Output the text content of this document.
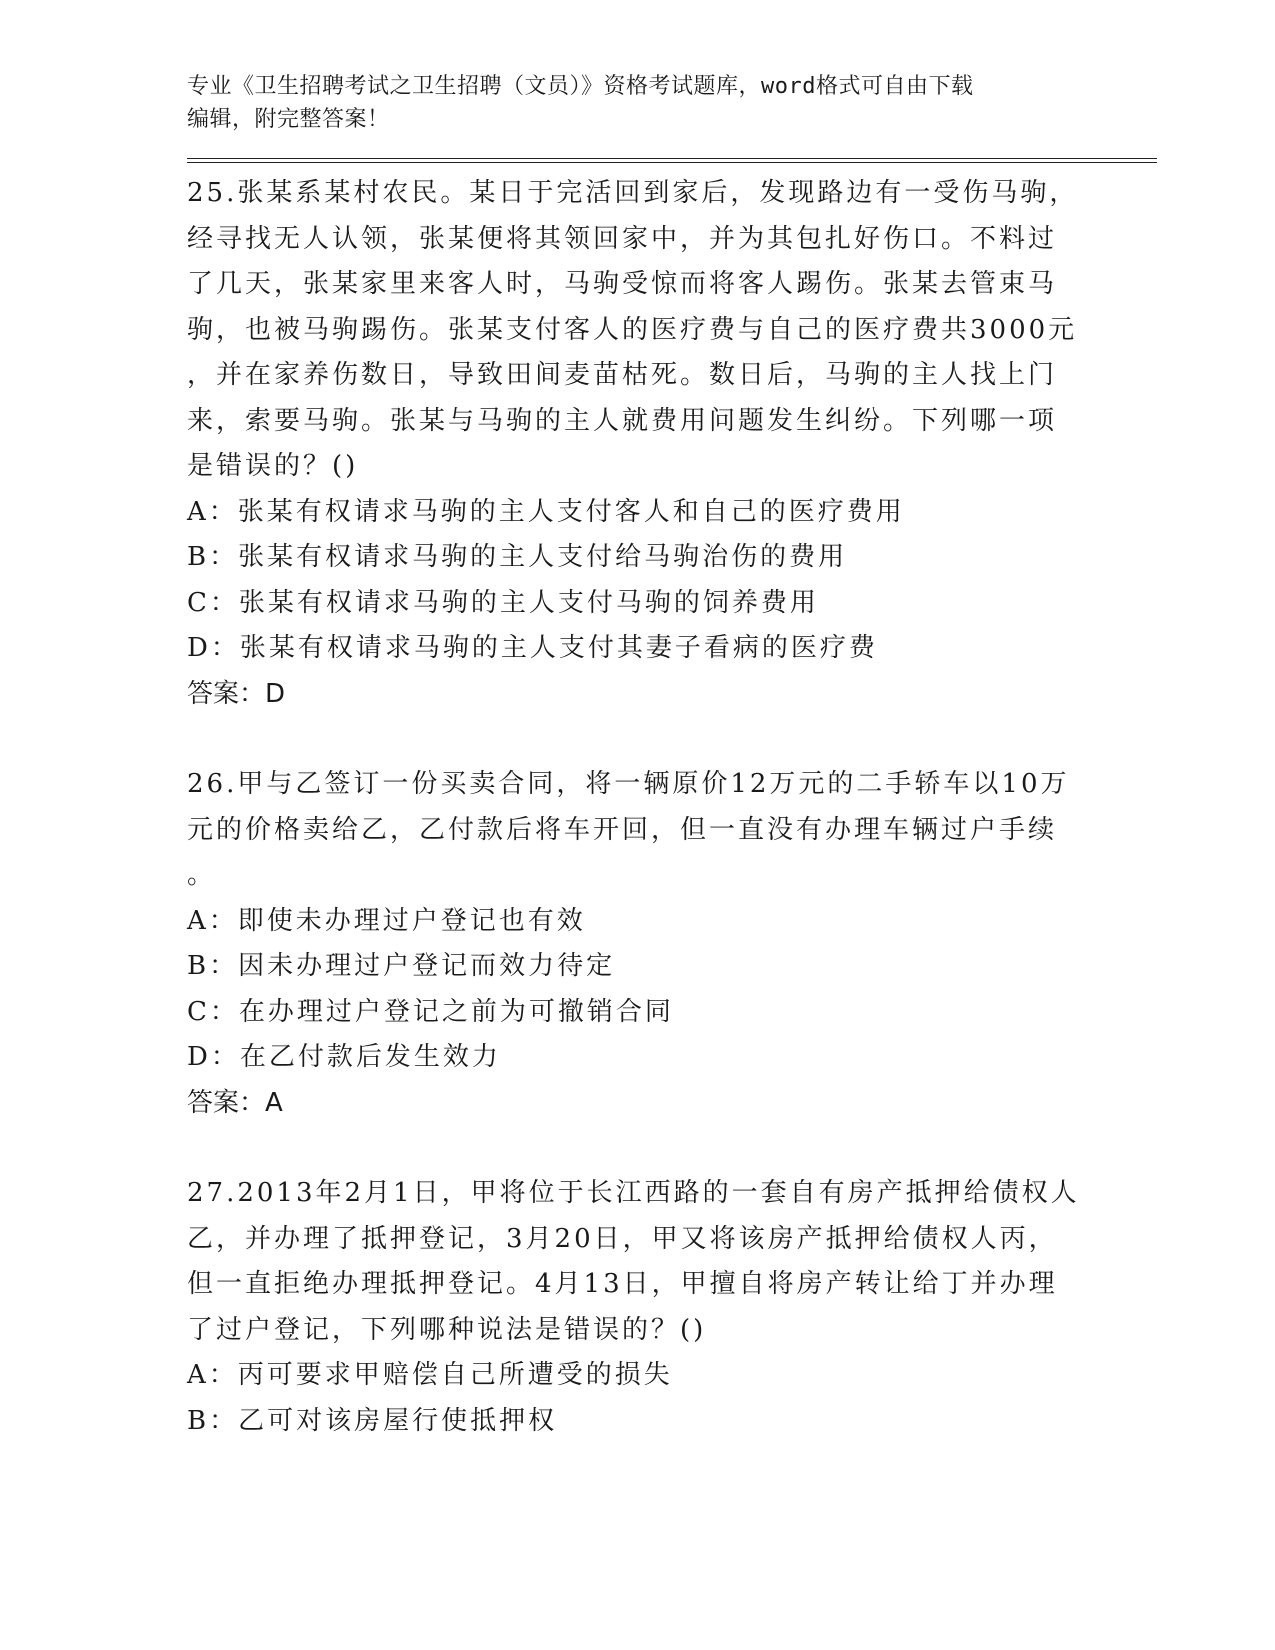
专业《卫生招聘考试之卫生招聘（文员）》资格考试题库，word格式可自由下载
编辑，附完整答案！
25.张某系某村农民。某日于完活回到家后，发现路边有一受伤马驹，
经寻找无人认领，张某便将其领回家中，并为其包扎好伤口。不料过
了几天，张某家里来客人时，马驹受惊而将客人踢伤。张某去管束马
驹，也被马驹踢伤。张某支付客人的医疗费与自己的医疗费共3000元
，并在家养伤数日，导致田间麦苗枯死。数日后，马驹的主人找上门
来，索要马驹。张某与马驹的主人就费用问题发生纠纷。下列哪一项
是错误的？()
A：张某有权请求马驹的主人支付客人和自己的医疗费用
B：张某有权请求马驹的主人支付给马驹治伤的费用
C：张某有权请求马驹的主人支付马驹的饲养费用
D：张某有权请求马驹的主人支付其妻子看病的医疗费
答案：D
26.甲与乙签订一份买卖合同，将一辆原价12万元的二手轿车以10万
元的价格卖给乙，乙付款后将车开回，但一直没有办理车辆过户手续
。
A：即使未办理过户登记也有效
B：因未办理过户登记而效力待定
C：在办理过户登记之前为可撤销合同
D：在乙付款后发生效力
答案：A
27.2013年2月1日，甲将位于长江西路的一套自有房产抵押给债权人
乙，并办理了抵押登记，3月20日，甲又将该房产抵押给债权人丙，
但一直拒绝办理抵押登记。4月13日，甲擅自将房产转让给丁并办理
了过户登记，下列哪种说法是错误的？()
A：丙可要求甲赔偿自己所遭受的损失
B：乙可对该房屋行使抵押权
